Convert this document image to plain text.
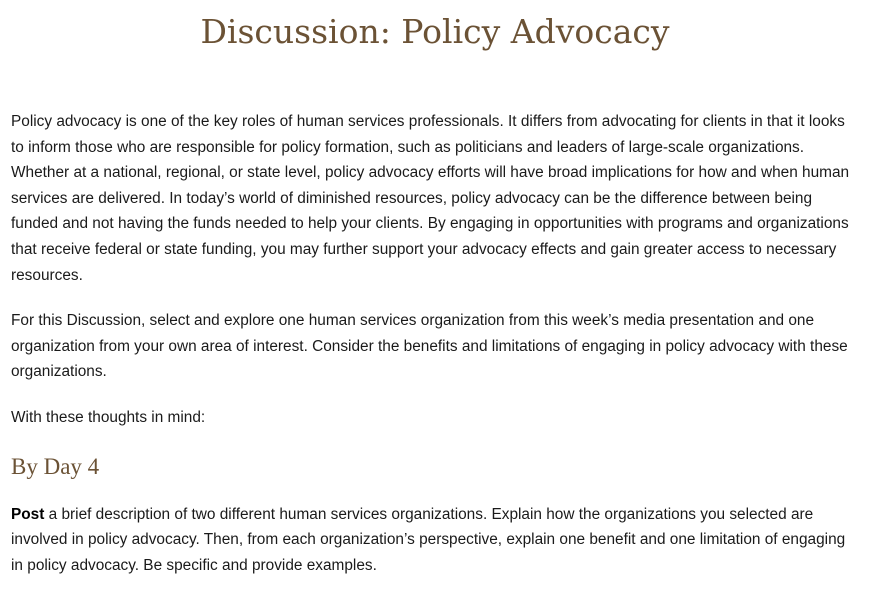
Discussion: Policy Advocacy

Policy advocacy is one of the key roles of human services professionals. It differs from advocating for clients in that it looks to inform those who are responsible for policy formation, such as politicians and leaders of large-scale organizations. Whether at a national, regional, or state level, policy advocacy efforts will have broad implications for how and when human services are delivered. In today’s world of diminished resources, policy advocacy can be the difference between being funded and not having the funds needed to help your clients. By engaging in opportunities with programs and organizations that receive federal or state funding, you may further support your advocacy effects and gain greater access to necessary resources.

For this Discussion, select and explore one human services organization from this week’s media presentation and one organization from your own area of interest. Consider the benefits and limitations of engaging in policy advocacy with these organizations.

With these thoughts in mind:

By Day 4

Post a brief description of two different human services organizations. Explain how the organizations you selected are involved in policy advocacy. Then, from each organization’s perspective, explain one benefit and one limitation of engaging in policy advocacy. Be specific and provide examples.
